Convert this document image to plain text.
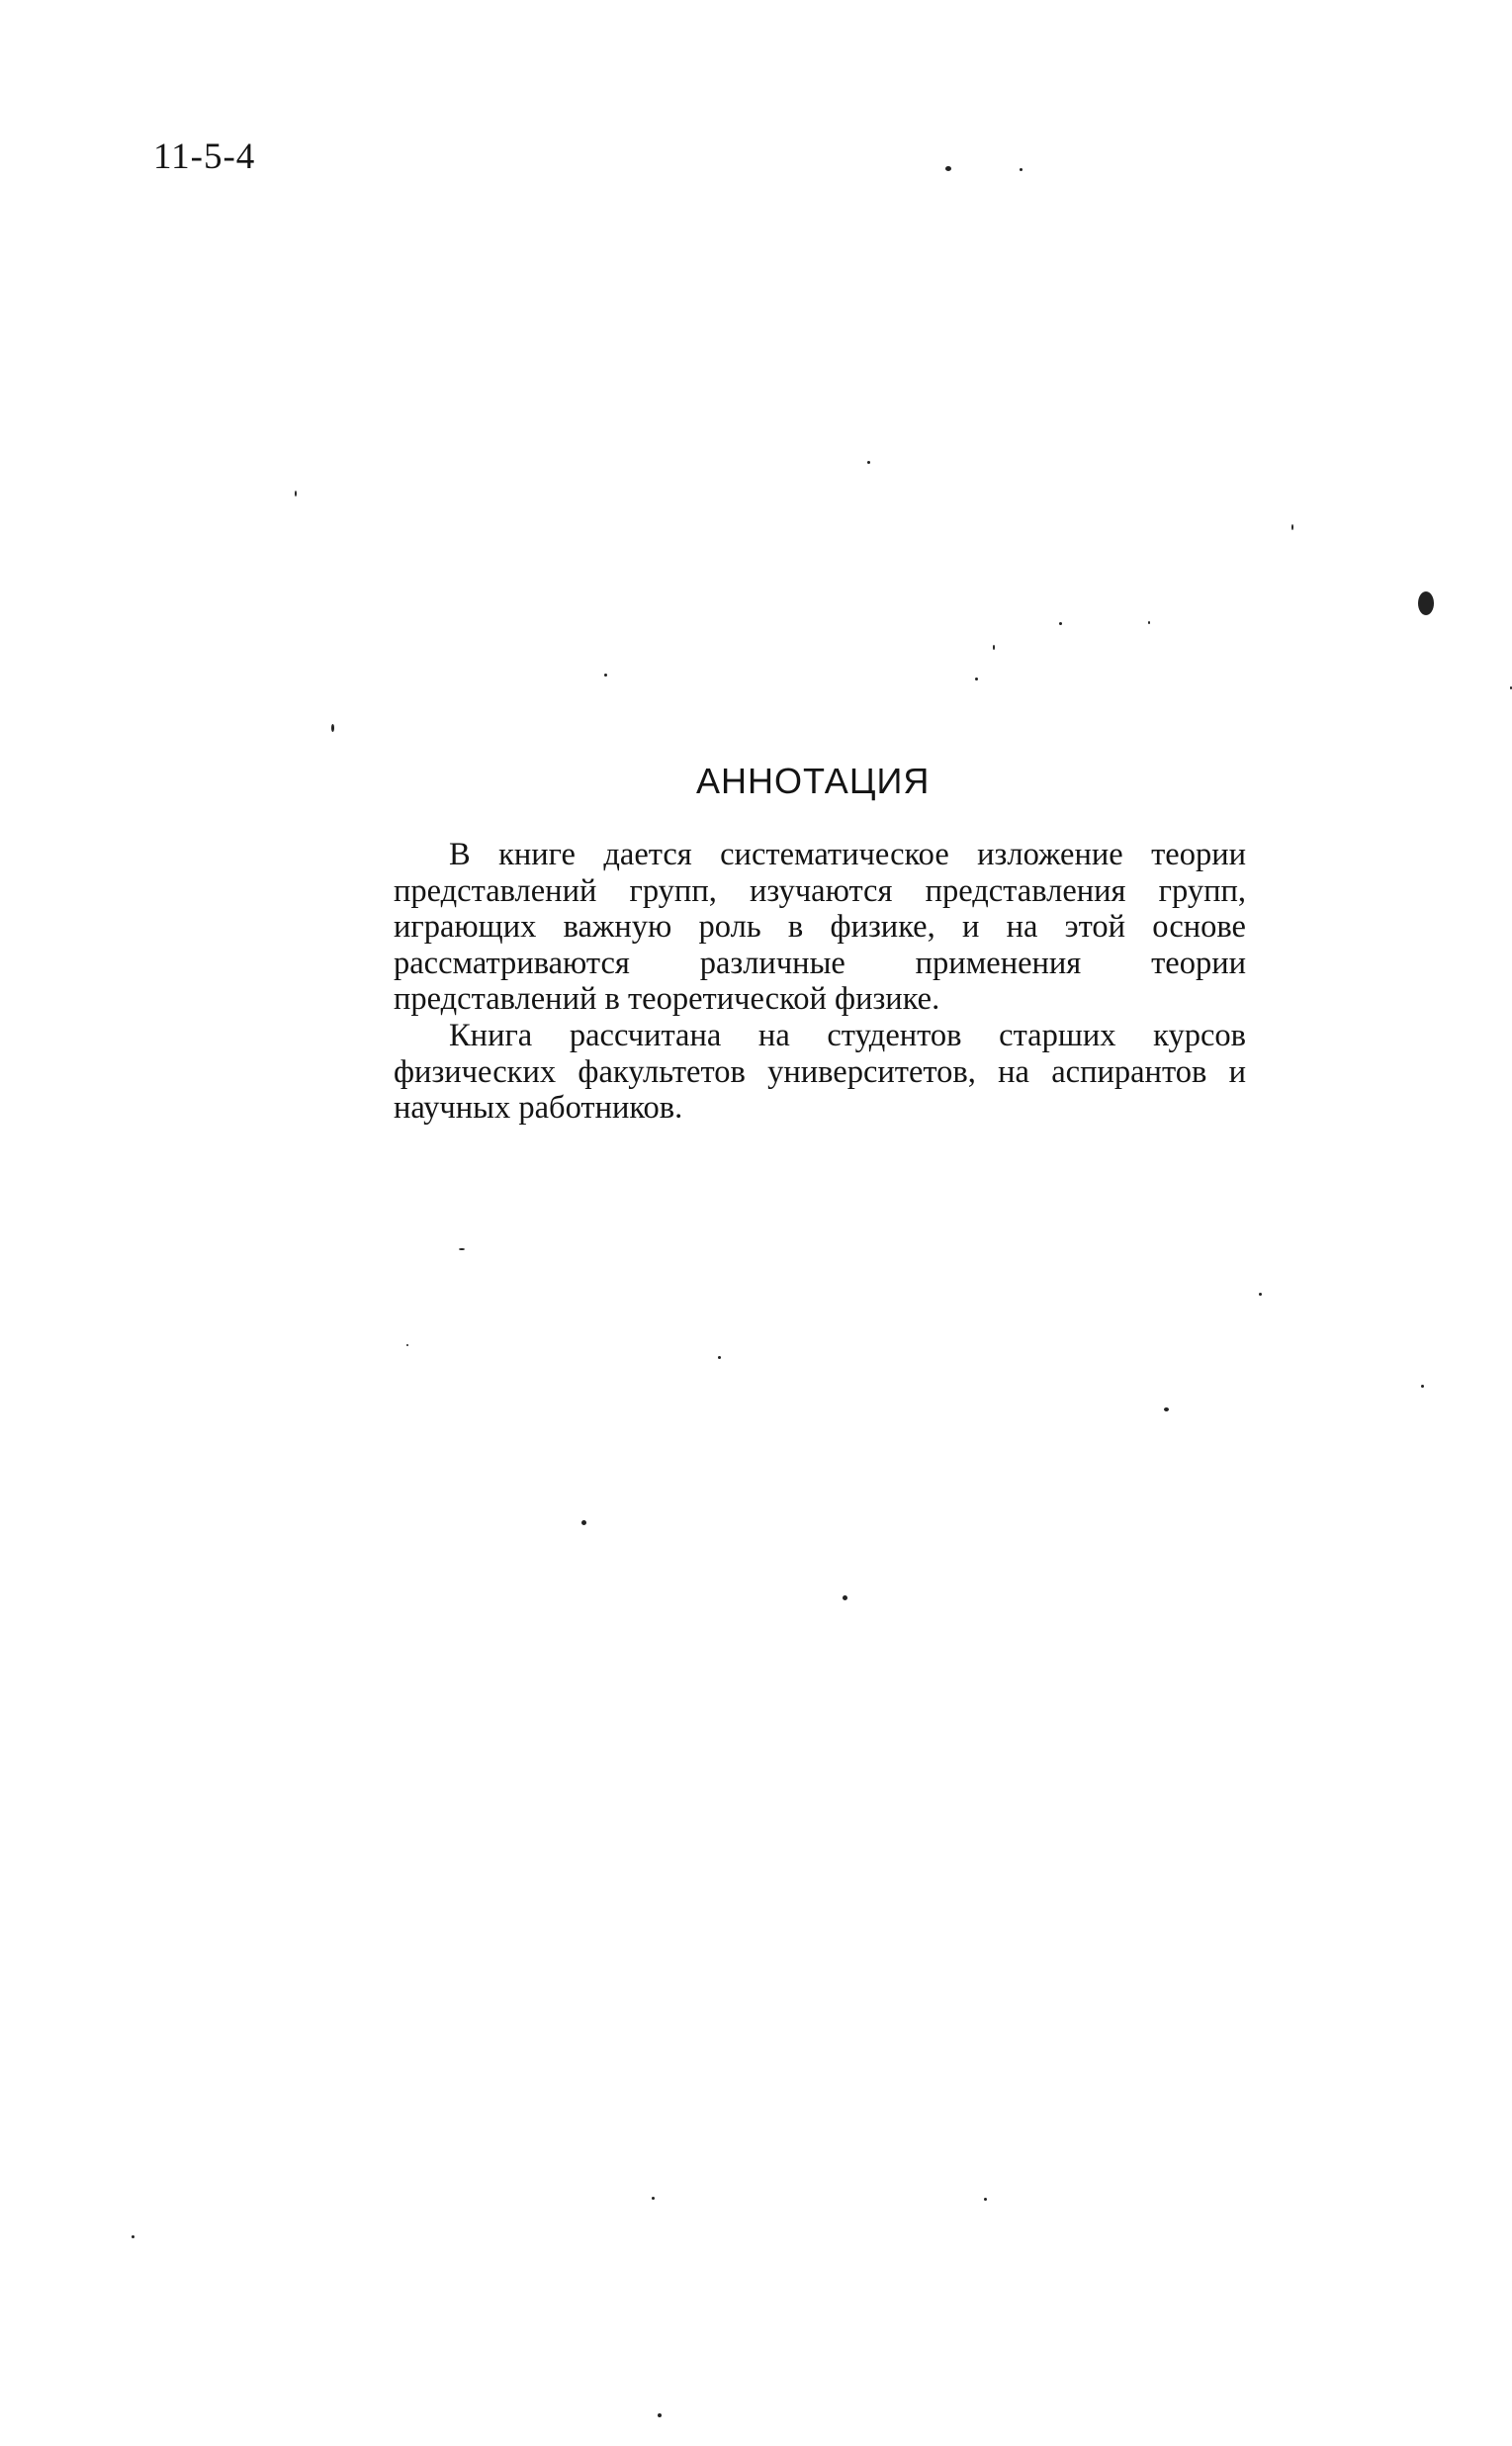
11-5-4
АННОТАЦИЯ

В книге дается систематическое изложение теории представлений групп, изучаются представления групп, играющих важную роль в физике, и на этой основе рассматриваются различные применения теории представлений в теоретической физике.

Книга рассчитана на студентов старших курсов физических факультетов университетов, на аспирантов и научных работников.
